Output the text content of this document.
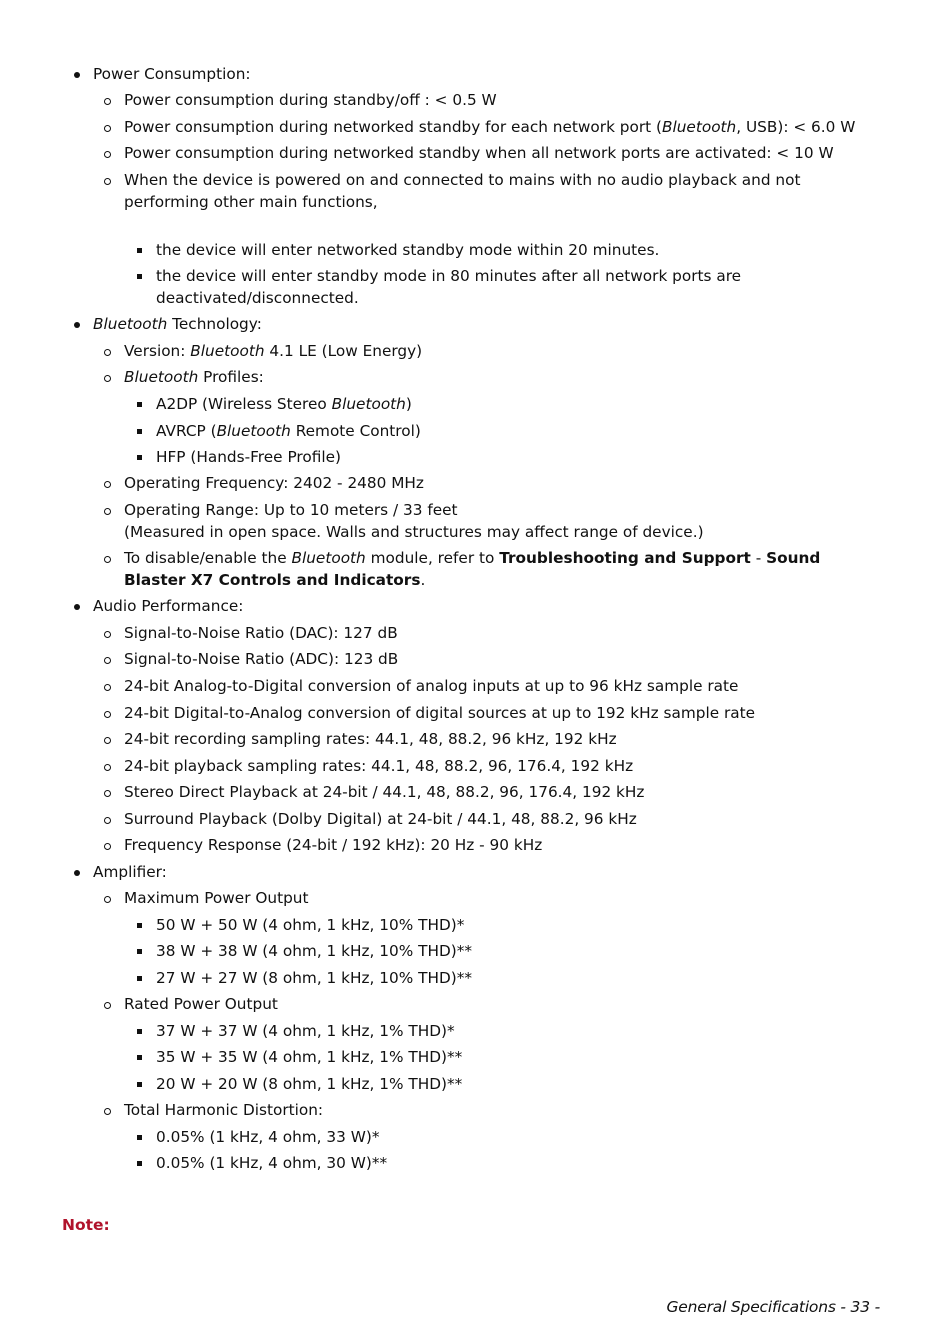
Power Consumption:
Power consumption during standby/off : < 0.5 W
Power consumption during networked standby for each network port (Bluetooth, USB): < 6.0 W
Power consumption during networked standby when all network ports are activated: < 10 W
When the device is powered on and connected to mains with no audio playback and not
performing other main functions,
the device will enter networked standby mode within 20 minutes.
the device will enter standby mode in 80 minutes after all network ports are
deactivated/disconnected.
Bluetooth Technology:
Version: Bluetooth 4.1 LE (Low Energy)
Bluetooth Profiles:
A2DP (Wireless Stereo Bluetooth)
AVRCP (Bluetooth Remote Control)
HFP (Hands-Free Profile)
Operating Frequency: 2402 - 2480 MHz
Operating Range: Up to 10 meters / 33 feet
(Measured in open space. Walls and structures may affect range of device.)
To disable/enable the Bluetooth module, refer to Troubleshooting and Support - Sound
Blaster X7 Controls and Indicators.
Audio Performance:
Signal-to-Noise Ratio (DAC): 127 dB
Signal-to-Noise Ratio (ADC): 123 dB
24-bit Analog-to-Digital conversion of analog inputs at up to 96 kHz sample rate
24-bit Digital-to-Analog conversion of digital sources at up to 192 kHz sample rate
24-bit recording sampling rates: 44.1, 48, 88.2, 96 kHz, 192 kHz
24-bit playback sampling rates: 44.1, 48, 88.2, 96, 176.4, 192 kHz
Stereo Direct Playback at 24-bit / 44.1, 48, 88.2, 96, 176.4, 192 kHz
Surround Playback (Dolby Digital) at 24-bit / 44.1, 48, 88.2, 96 kHz
Frequency Response (24-bit / 192 kHz): 20 Hz - 90 kHz
Amplifier:
Maximum Power Output
50 W + 50 W (4 ohm, 1 kHz, 10% THD)*
38 W + 38 W (4 ohm, 1 kHz, 10% THD)**
27 W + 27 W (8 ohm, 1 kHz, 10% THD)**
Rated Power Output
37 W + 37 W (4 ohm, 1 kHz, 1% THD)*
35 W + 35 W (4 ohm, 1 kHz, 1% THD)**
20 W + 20 W (8 ohm, 1 kHz, 1% THD)**
Total Harmonic Distortion:
0.05% (1 kHz, 4 ohm, 33 W)*
0.05% (1 kHz, 4 ohm, 30 W)**
Note:
General Specifications - 33 -
